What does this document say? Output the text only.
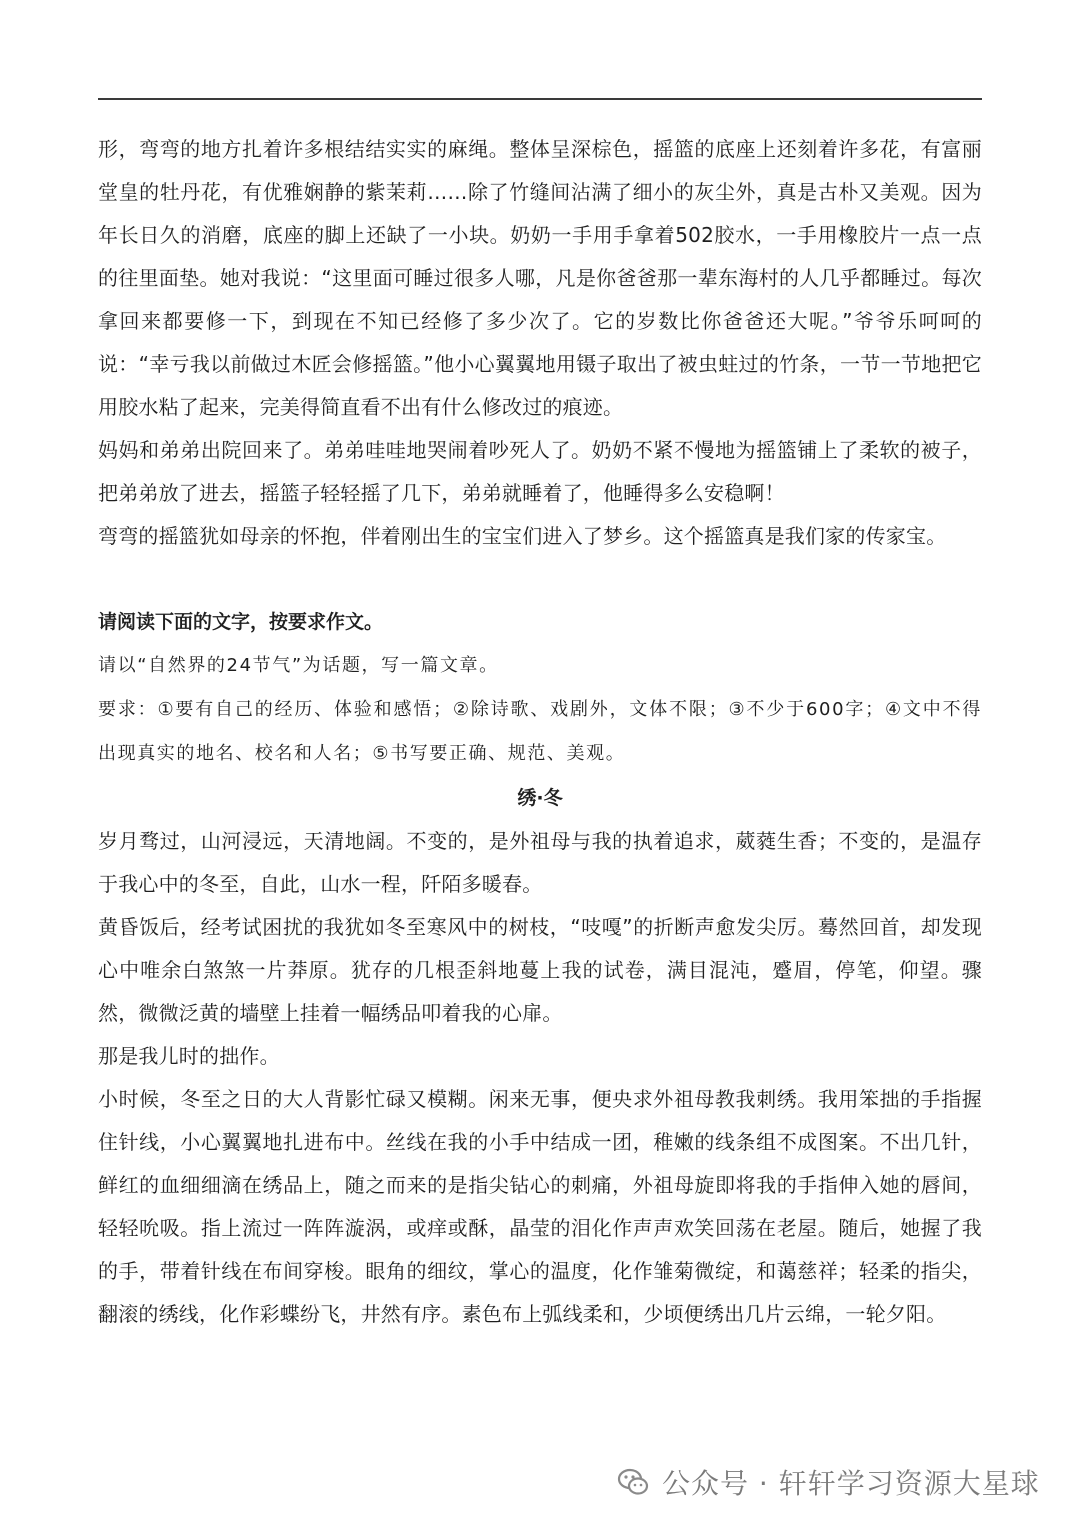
形，弯弯的地方扎着许多根结结实实的麻绳。整体呈深棕色，摇篮的底座上还刻着许多花，有富丽堂皇的牡丹花，有优雅娴静的紫茉莉……除了竹缝间沾满了细小的灰尘外，真是古朴又美观。因为年长日久的消磨，底座的脚上还缺了一小块。奶奶一手用手拿着502胶水，一手用橡胶片一点一点的往里面垫。她对我说：“这里面可睡过很多人哪，凡是你爸爸那一辈东海村的人几乎都睡过。每次拿回来都要修一下，到现在不知已经修了多少次了。它的岁数比你爸爸还大呢。”爷爷乐呵呵的说：“幸亏我以前做过木匠会修摇篮。”他小心翼翼地用镊子取出了被虫蛀过的竹条，一节一节地把它用胶水粘了起来，完美得简直看不出有什么修改过的痕迹。

妈妈和弟弟出院回来了。弟弟哇哇地哭闹着吵死人了。奶奶不紧不慢地为摇篮铺上了柔软的被子，把弟弟放了进去，摇篮子轻轻摇了几下，弟弟就睡着了，他睡得多么安稳啊！

弯弯的摇篮犹如母亲的怀抱，伴着刚出生的宝宝们进入了梦乡。这个摇篮真是我们家的传家宝。

请阅读下面的文字，按要求作文。

请以“自然界的24节气”为话题，写一篇文章。

要求：①要有自己的经历、体验和感悟；②除诗歌、戏剧外，文体不限；③不少于600字；④文中不得出现真实的地名、校名和人名；⑤书写要正确、规范、美观。

绣·冬

岁月骛过，山河浸远，天清地阔。不变的，是外祖母与我的执着追求，葳蕤生香；不变的，是温存于我心中的冬至，自此，山水一程，阡陌多暖春。

黄昏饭后，经考试困扰的我犹如冬至寒风中的树枝，“吱嘎”的折断声愈发尖厉。蓦然回首，却发现心中唯余白煞煞一片莽原。犹存的几根歪斜地蔓上我的试卷，满目混沌，蹙眉，停笔，仰望。骤然，微微泛黄的墙壁上挂着一幅绣品叩着我的心扉。

那是我儿时的拙作。

小时候，冬至之日的大人背影忙碌又模糊。闲来无事，便央求外祖母教我刺绣。我用笨拙的手指握住针线，小心翼翼地扎进布中。丝线在我的小手中结成一团，稚嫩的线条组不成图案。不出几针，鲜红的血细细滴在绣品上，随之而来的是指尖钻心的刺痛，外祖母旋即将我的手指伸入她的唇间，轻轻吮吸。指上流过一阵阵漩涡，或痒或酥，晶莹的泪化作声声欢笑回荡在老屋。随后，她握了我的手，带着针线在布间穿梭。眼角的细纹，掌心的温度，化作雏菊微绽，和蔼慈祥；轻柔的指尖，翻滚的绣线，化作彩蝶纷飞，井然有序。素色布上弧线柔和，少顷便绣出几片云绵，一轮夕阳。

公众号 · 轩轩学习资源大星球
